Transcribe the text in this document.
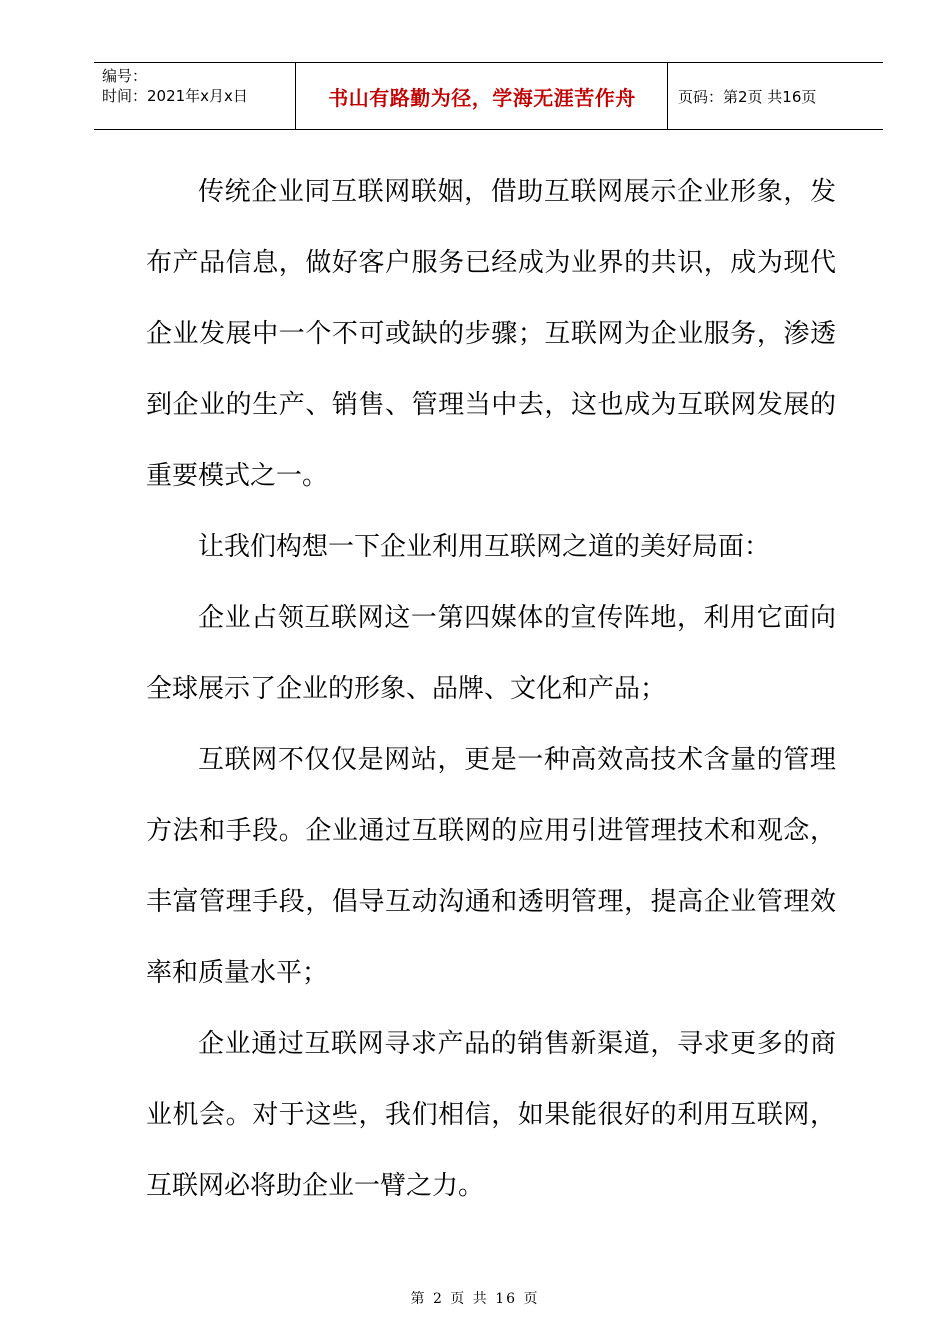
编号：
时间：2021年x月x日	书山有路勤为径，学海无涯苦作舟	页码：第2页 共16页

传统企业同互联网联姻，借助互联网展示企业形象，发布产品信息，做好客户服务已经成为业界的共识，成为现代企业发展中一个不可或缺的步骤；互联网为企业服务，渗透到企业的生产、销售、管理当中去，这也成为互联网发展的重要模式之一。

让我们构想一下企业利用互联网之道的美好局面：

企业占领互联网这一第四媒体的宣传阵地，利用它面向全球展示了企业的形象、品牌、文化和产品；

互联网不仅仅是网站，更是一种高效高技术含量的管理方法和手段。企业通过互联网的应用引进管理技术和观念，丰富管理手段，倡导互动沟通和透明管理，提高企业管理效率和质量水平；

企业通过互联网寻求产品的销售新渠道，寻求更多的商业机会。对于这些，我们相信，如果能很好的利用互联网，互联网必将助企业一臂之力。

第 2 页 共 16 页
